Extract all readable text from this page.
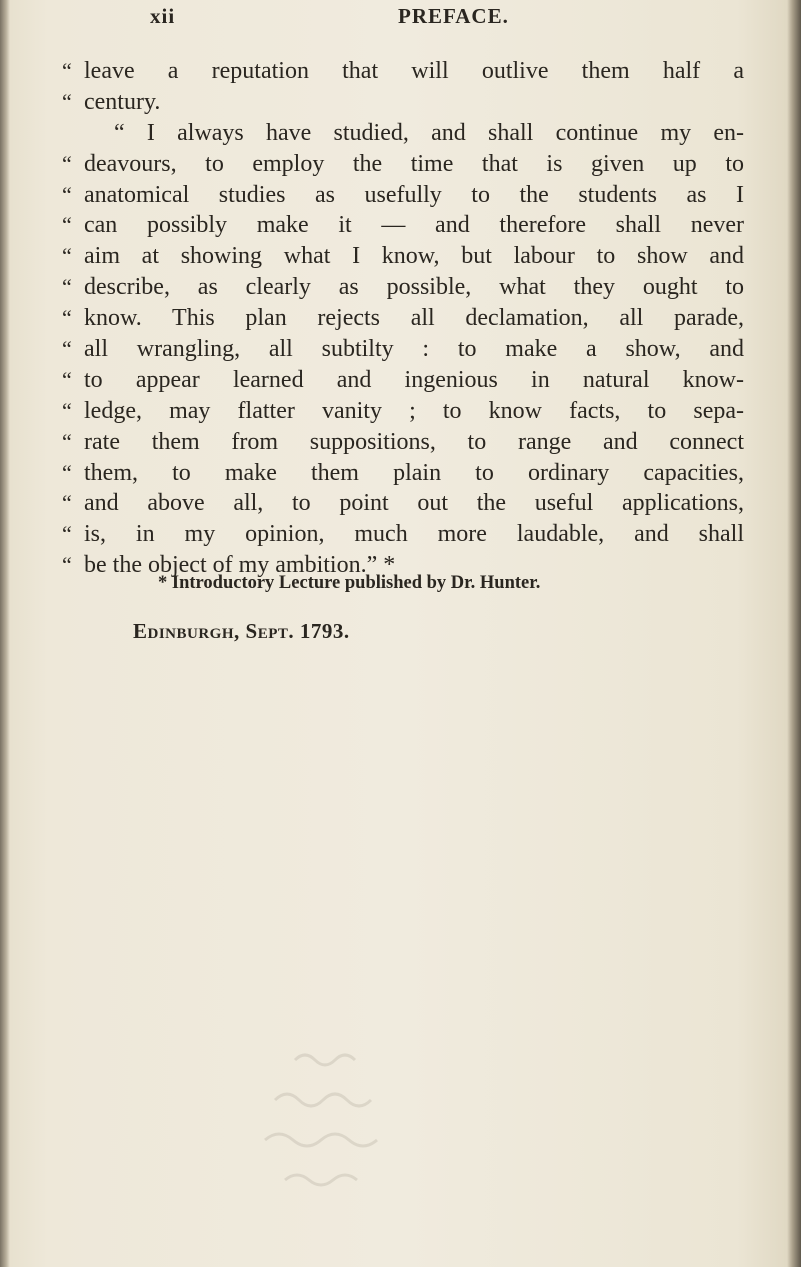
xii	PREFACE.
“ leave a reputation that will outlive them half a
“ century.
“ I always have studied, and shall continue my en-
“ deavours, to employ the time that is given up to
“ anatomical studies as usefully to the students as I
“ can possibly make it — and therefore shall never
“ aim at showing what I know, but labour to show and
“ describe, as clearly as possible, what they ought to
“ know. This plan rejects all declamation, all parade,
“ all wrangling, all subtilty : to make a show, and
“ to appear learned and ingenious in natural know-
“ ledge, may flatter vanity ; to know facts, to sepa-
“ rate them from suppositions, to range and connect
“ them, to make them plain to ordinary capacities,
“ and above all, to point out the useful applications,
“ is, in my opinion, much more laudable, and shall
“ be the object of my ambition.” *
* Introductory Lecture published by Dr. Hunter.
Edinburgh, Sept. 1793.
